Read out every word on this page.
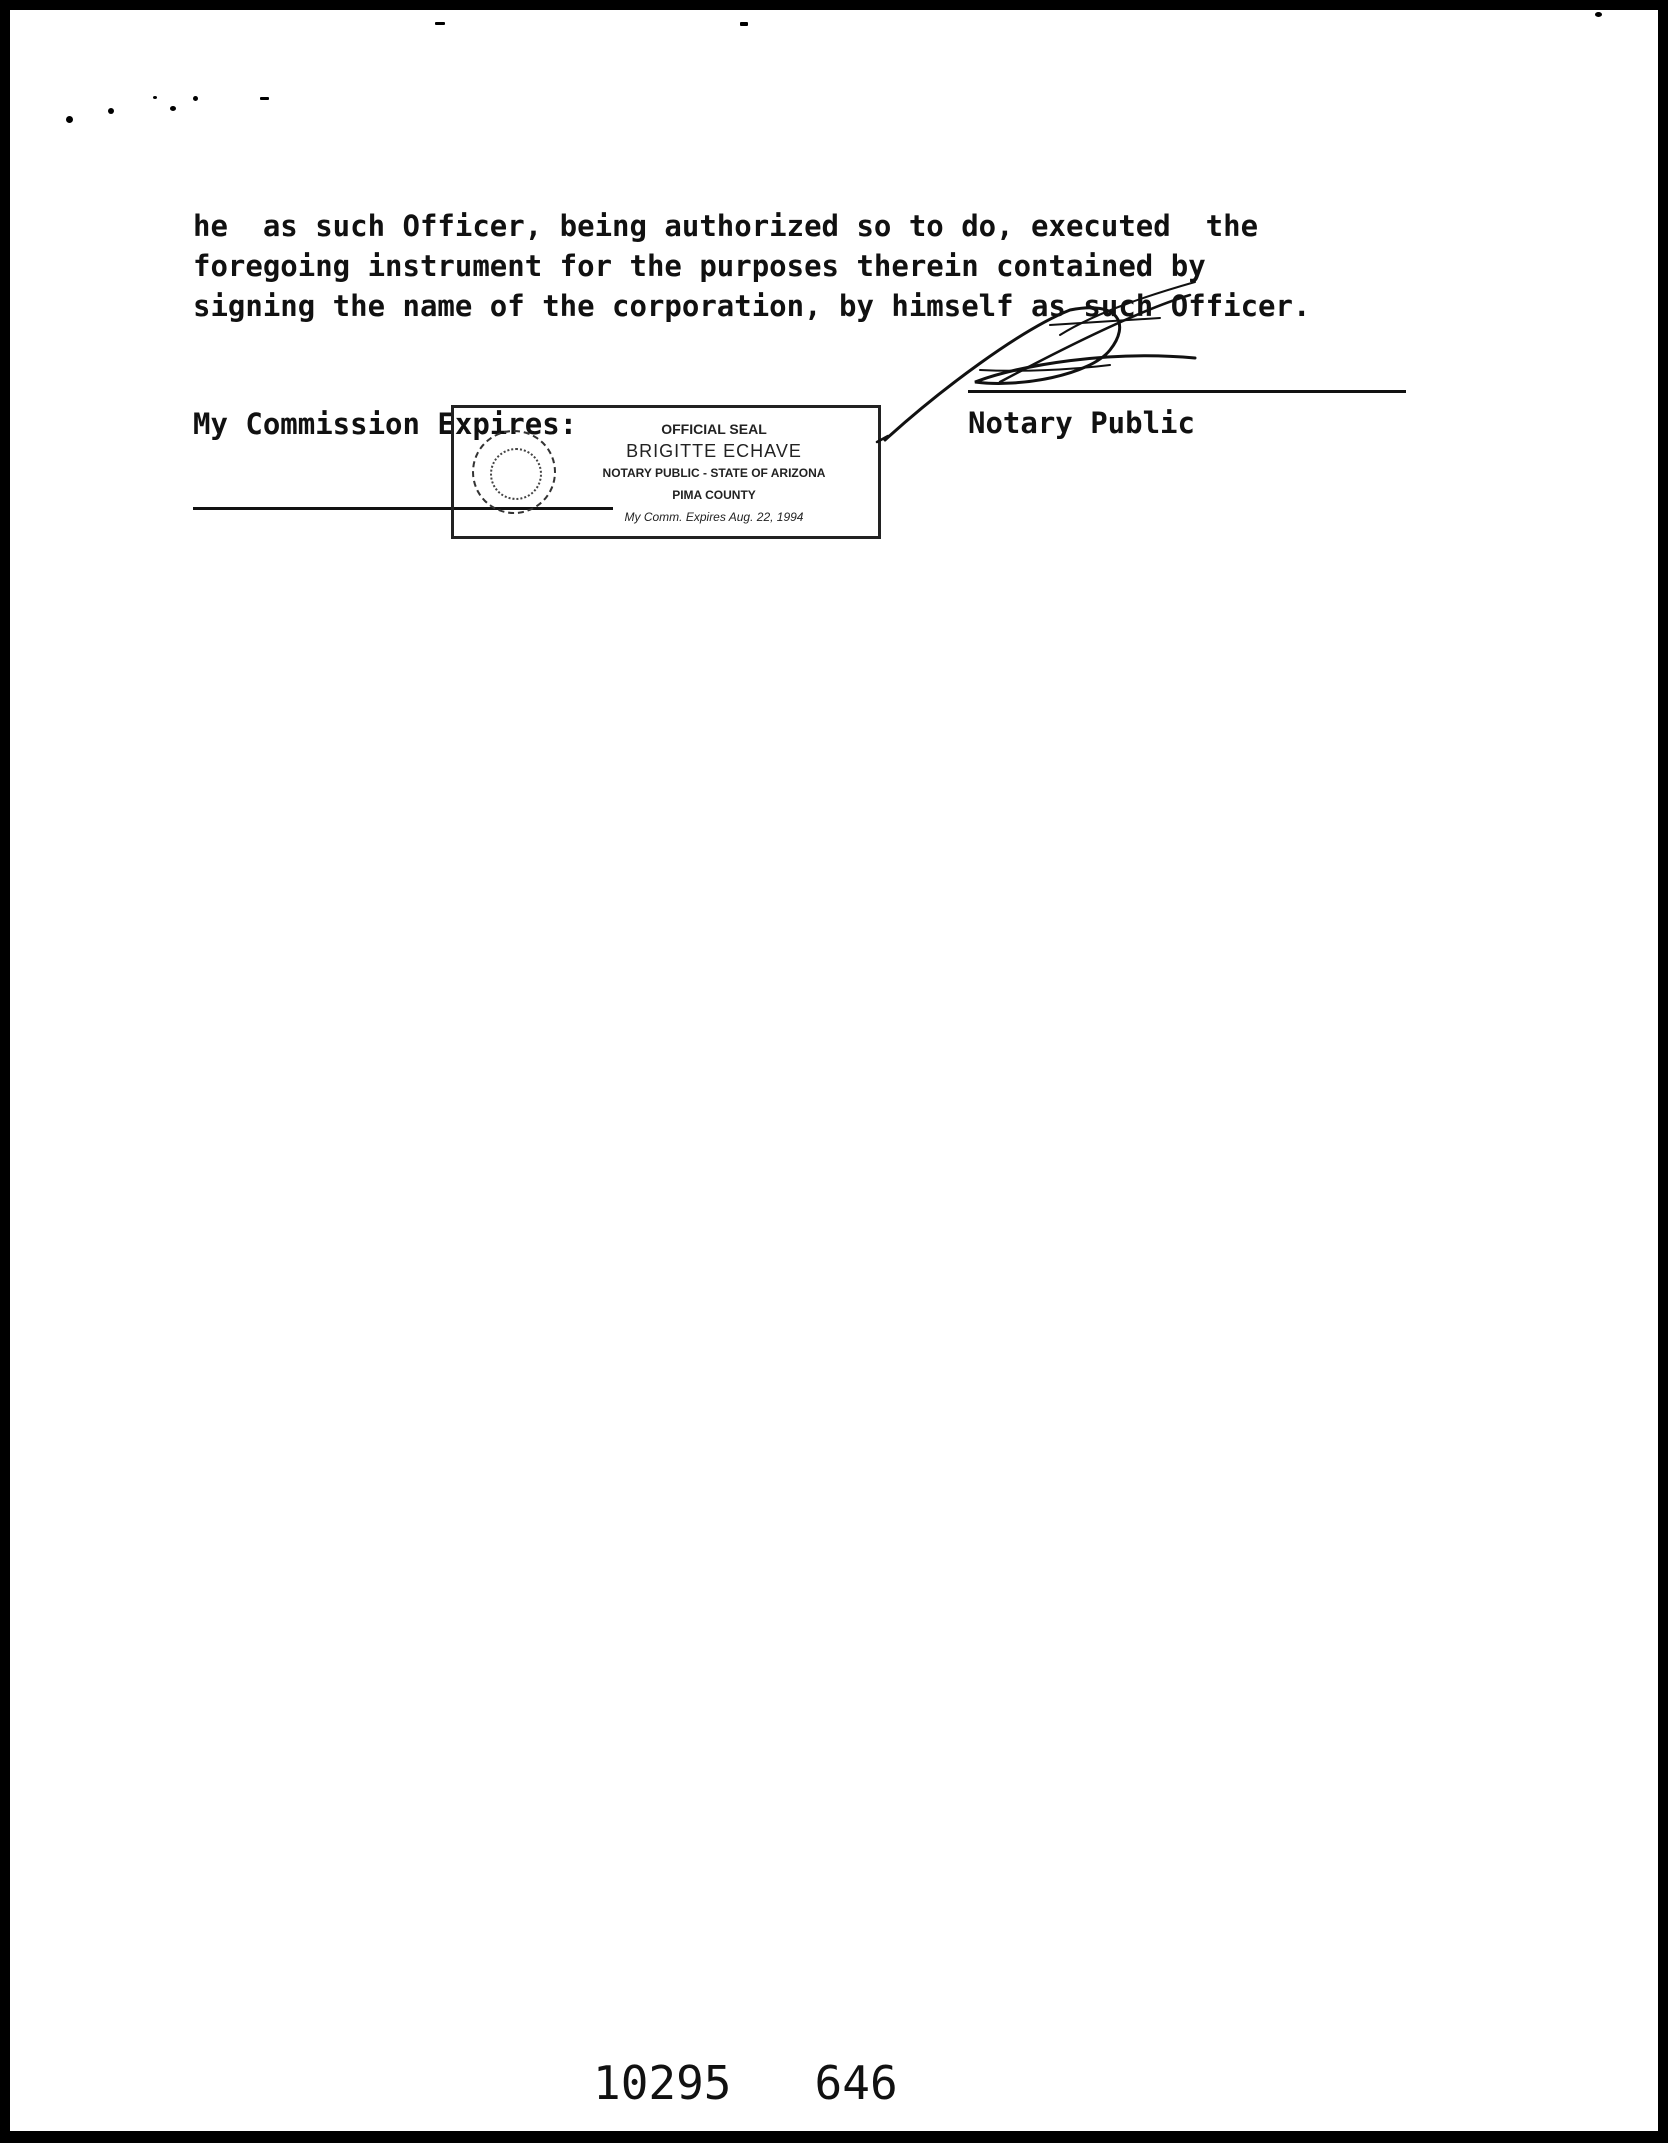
he  as such Officer, being authorized so to do, executed  the
foregoing instrument for the purposes therein contained by
signing the name of the corporation, by himself as such Officer.

My Commission Expires:	Notary Public
OFFICIAL SEAL
BRIGITTE ECHAVE
NOTARY PUBLIC - STATE OF ARIZONA
PIMA COUNTY
My Comm. Expires Aug. 22, 1994
10295   646
